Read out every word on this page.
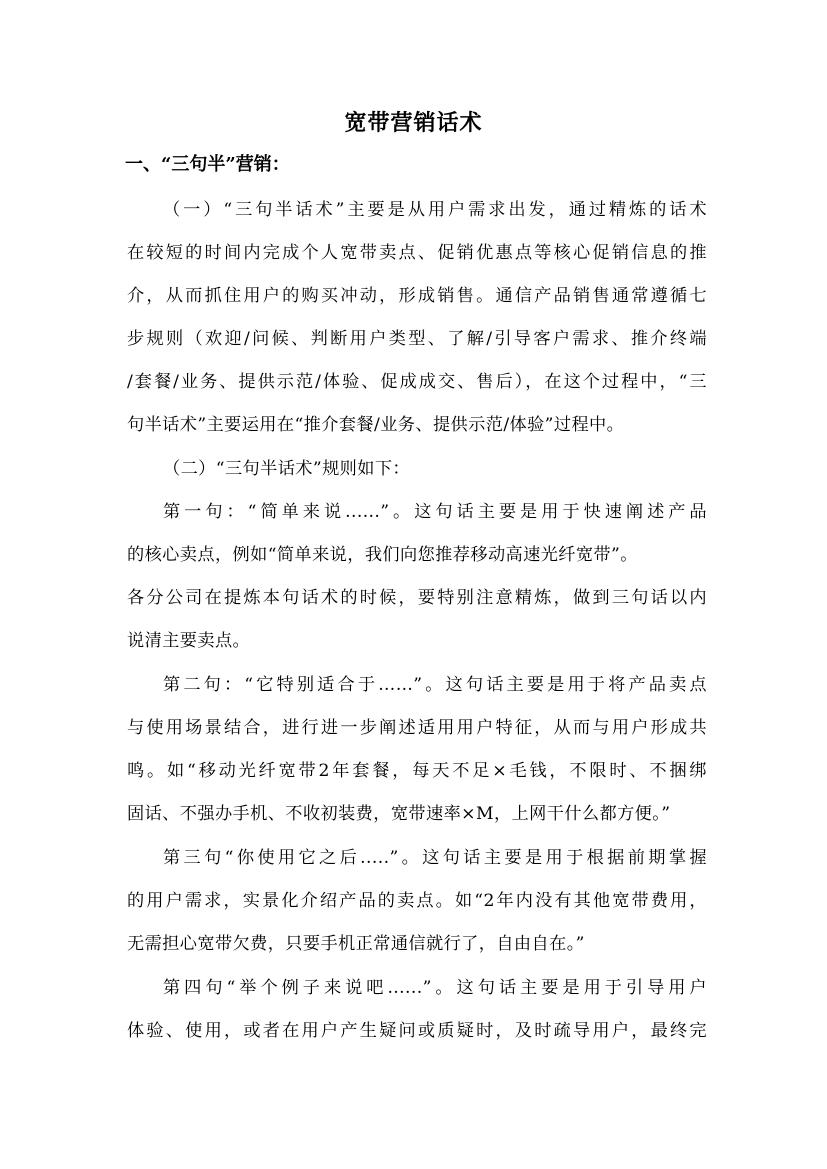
宽带营销话术
一、“三句半”营销：
（一）“三句半话术”主要是从用户需求出发，通过精炼的话术
在较短的时间内完成个人宽带卖点、促销优惠点等核心促销信息的推
介，从而抓住用户的购买冲动，形成销售。通信产品销售通常遵循七
步规则（欢迎/问候、判断用户类型、了解/引导客户需求、推介终端
/套餐/业务、提供示范/体验、促成成交、售后），在这个过程中，“三
句半话术”主要运用在“推介套餐/业务、提供示范/体验”过程中。
（二）“三句半话术”规则如下：
第一句：“简单来说......”。这句话主要是用于快速阐述产品
的核心卖点，例如“简单来说，我们向您推荐移动高速光纤宽带”。
各分公司在提炼本句话术的时候，要特别注意精炼，做到三句话以内
说清主要卖点。
第二句：“它特别适合于……”。这句话主要是用于将产品卖点
与使用场景结合，进行进一步阐述适用用户特征，从而与用户形成共
鸣。如“移动光纤宽带2年套餐，每天不足×毛钱，不限时、不捆绑
固话、不强办手机、不收初装费，宽带速率×M，上网干什么都方便。”
第三句“你使用它之后.....”。这句话主要是用于根据前期掌握
的用户需求，实景化介绍产品的卖点。如“2年内没有其他宽带费用，
无需担心宽带欠费，只要手机正常通信就行了，自由自在。”
第四句“举个例子来说吧......”。这句话主要是用于引导用户
体验、使用，或者在用户产生疑问或质疑时，及时疏导用户，最终完
